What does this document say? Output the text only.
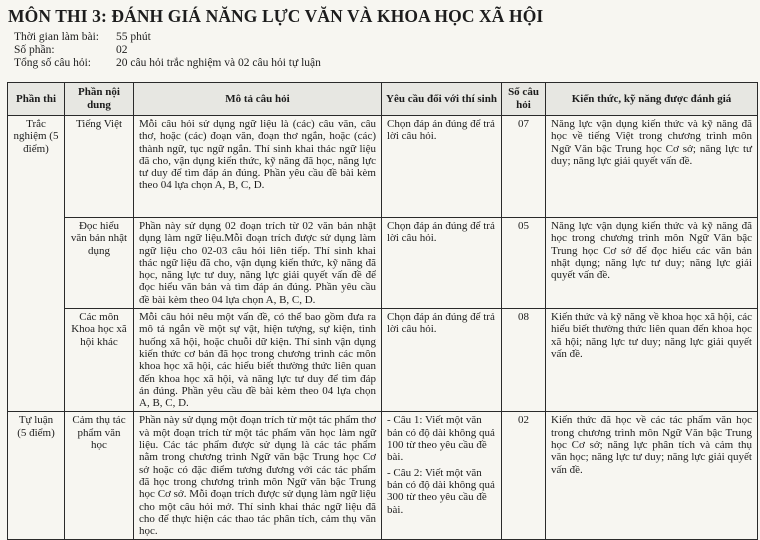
MÔN THI 3: ĐÁNH GIÁ NĂNG LỰC VĂN VÀ KHOA HỌC XÃ HỘI
Thời gian làm bài: 55 phút
Số phần:	02
Tổng số câu hỏi: 20 câu hỏi trắc nghiệm và 02 câu hỏi tự luận
Phần thi	Phần nội dung	Mô tả câu hỏi	Yêu cầu đối với thí sinh	Số câu hỏi	Kiến thức, kỹ năng được đánh giá
Trắc nghiệm (5 điểm)	Tiếng Việt	Mỗi câu hỏi sử dụng ngữ liệu là (các) câu văn, câu thơ, hoặc (các) đoạn văn, đoạn thơ ngắn, hoặc (các) thành ngữ, tục ngữ ngắn. Thí sinh khai thác ngữ liệu đã cho, vận dụng kiến thức, kỹ năng đã học, năng lực tư duy để tìm đáp án đúng. Phần yêu cầu đề bài kèm theo 04 lựa chọn A, B, C, D.	Chọn đáp án đúng để trả lời câu hỏi.	07	Năng lực vận dụng kiến thức và kỹ năng đã học về tiếng Việt trong chương trình môn Ngữ Văn bậc Trung học Cơ sở; năng lực tư duy; năng lực giải quyết vấn đề.
	Đọc hiểu văn bản nhật dụng	Phần này sử dụng 02 đoạn trích từ 02 văn bản nhật dụng làm ngữ liệu.Mỗi đoạn trích được sử dụng làm ngữ liệu cho 02-03 câu hỏi liên tiếp. Thí sinh khai thác ngữ liệu đã cho, vận dụng kiến thức, kỹ năng đã học, năng lực tư duy, năng lực giải quyết vấn đề để đọc hiểu văn bản và tìm đáp án đúng. Phần yêu cầu đề bài kèm theo 04 lựa chọn A, B, C, D.	Chọn đáp án đúng để trả lời câu hỏi.	05	Năng lực vận dụng kiến thức và kỹ năng đã học trong chương trình môn Ngữ Văn bậc Trung học Cơ sở để đọc hiểu các văn bản nhật dụng; năng lực tư duy; năng lực giải quyết vấn đề.
	Các môn Khoa học xã hội khác	Mỗi câu hỏi nêu một vấn đề, có thể bao gồm đưa ra mô tả ngắn về một sự vật, hiện tượng, sự kiện, tình huống xã hội, hoặc chuỗi dữ kiện. Thí sinh vận dụng kiến thức cơ bản đã học trong chương trình các môn khoa học xã hội, các hiểu biết thường thức liên quan đến khoa học xã hội, và năng lực tư duy để tìm đáp án đúng. Phần yêu cầu đề bài kèm theo 04 lựa chọn A, B, C, D.	Chọn đáp án đúng để trả lời câu hỏi.	08	Kiến thức và kỹ năng về khoa học xã hội, các hiểu biết thường thức liên quan đến khoa học xã hội; năng lực tư duy; năng lực giải quyết vấn đề.
Tự luận (5 điểm)	Cảm thụ tác phẩm văn học	Phần này sử dụng một đoạn trích từ một tác phẩm thơ và một đoạn trích từ một tác phẩm văn học làm ngữ liệu. Các tác phẩm được sử dụng là các tác phẩm nằm trong chương trình Ngữ văn bậc Trung học Cơ sở hoặc có đặc điểm tương đương với các tác phẩm đã học trong chương trình môn Ngữ văn bậc Trung học Cơ sở. Mỗi đoạn trích được sử dụng làm ngữ liệu cho một câu hỏi mở. Thí sinh khai thác ngữ liệu đã cho để thực hiện các thao tác phân tích, cảm thụ văn học.	- Câu 1: Viết một văn bản có độ dài không quá 100 từ theo yêu cầu đề bài.
- Câu 2: Viết một văn bản có độ dài không quá 300 từ theo yêu cầu đề bài.	02	Kiến thức đã học về các tác phẩm văn học trong chương trình môn Ngữ Văn bậc Trung học Cơ sở; năng lực phân tích và cảm thụ văn học; năng lực tư duy; năng lực giải quyết vấn đề.
